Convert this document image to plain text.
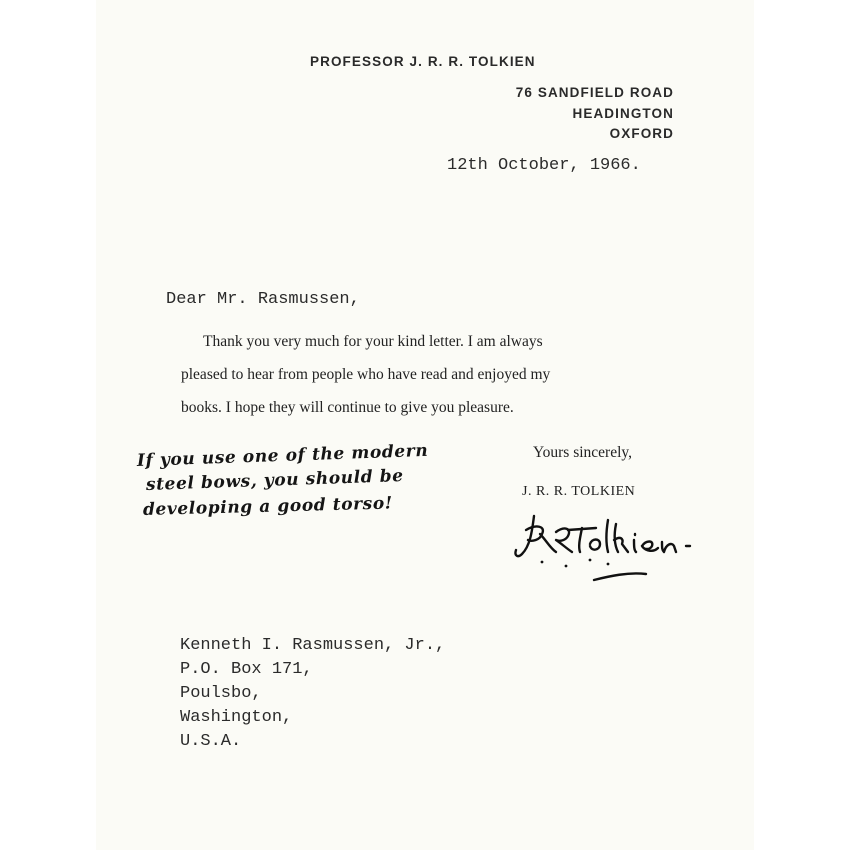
PROFESSOR J. R. R. TOLKIEN
76 SANDFIELD ROAD
HEADINGTON
OXFORD
12th October, 1966.
Dear Mr. Rasmussen,
Thank you very much for your kind letter. I am always
pleased to hear from people who have read and enjoyed my
books. I hope they will continue to give you pleasure.
If you use one of the modern
steel bows, you should be
developing a good torso!
Yours sincerely,
J. R. R. TOLKIEN
Kenneth I. Rasmussen, Jr.,
P.O. Box 171,
Poulsbo,
Washington,
U.S.A.
